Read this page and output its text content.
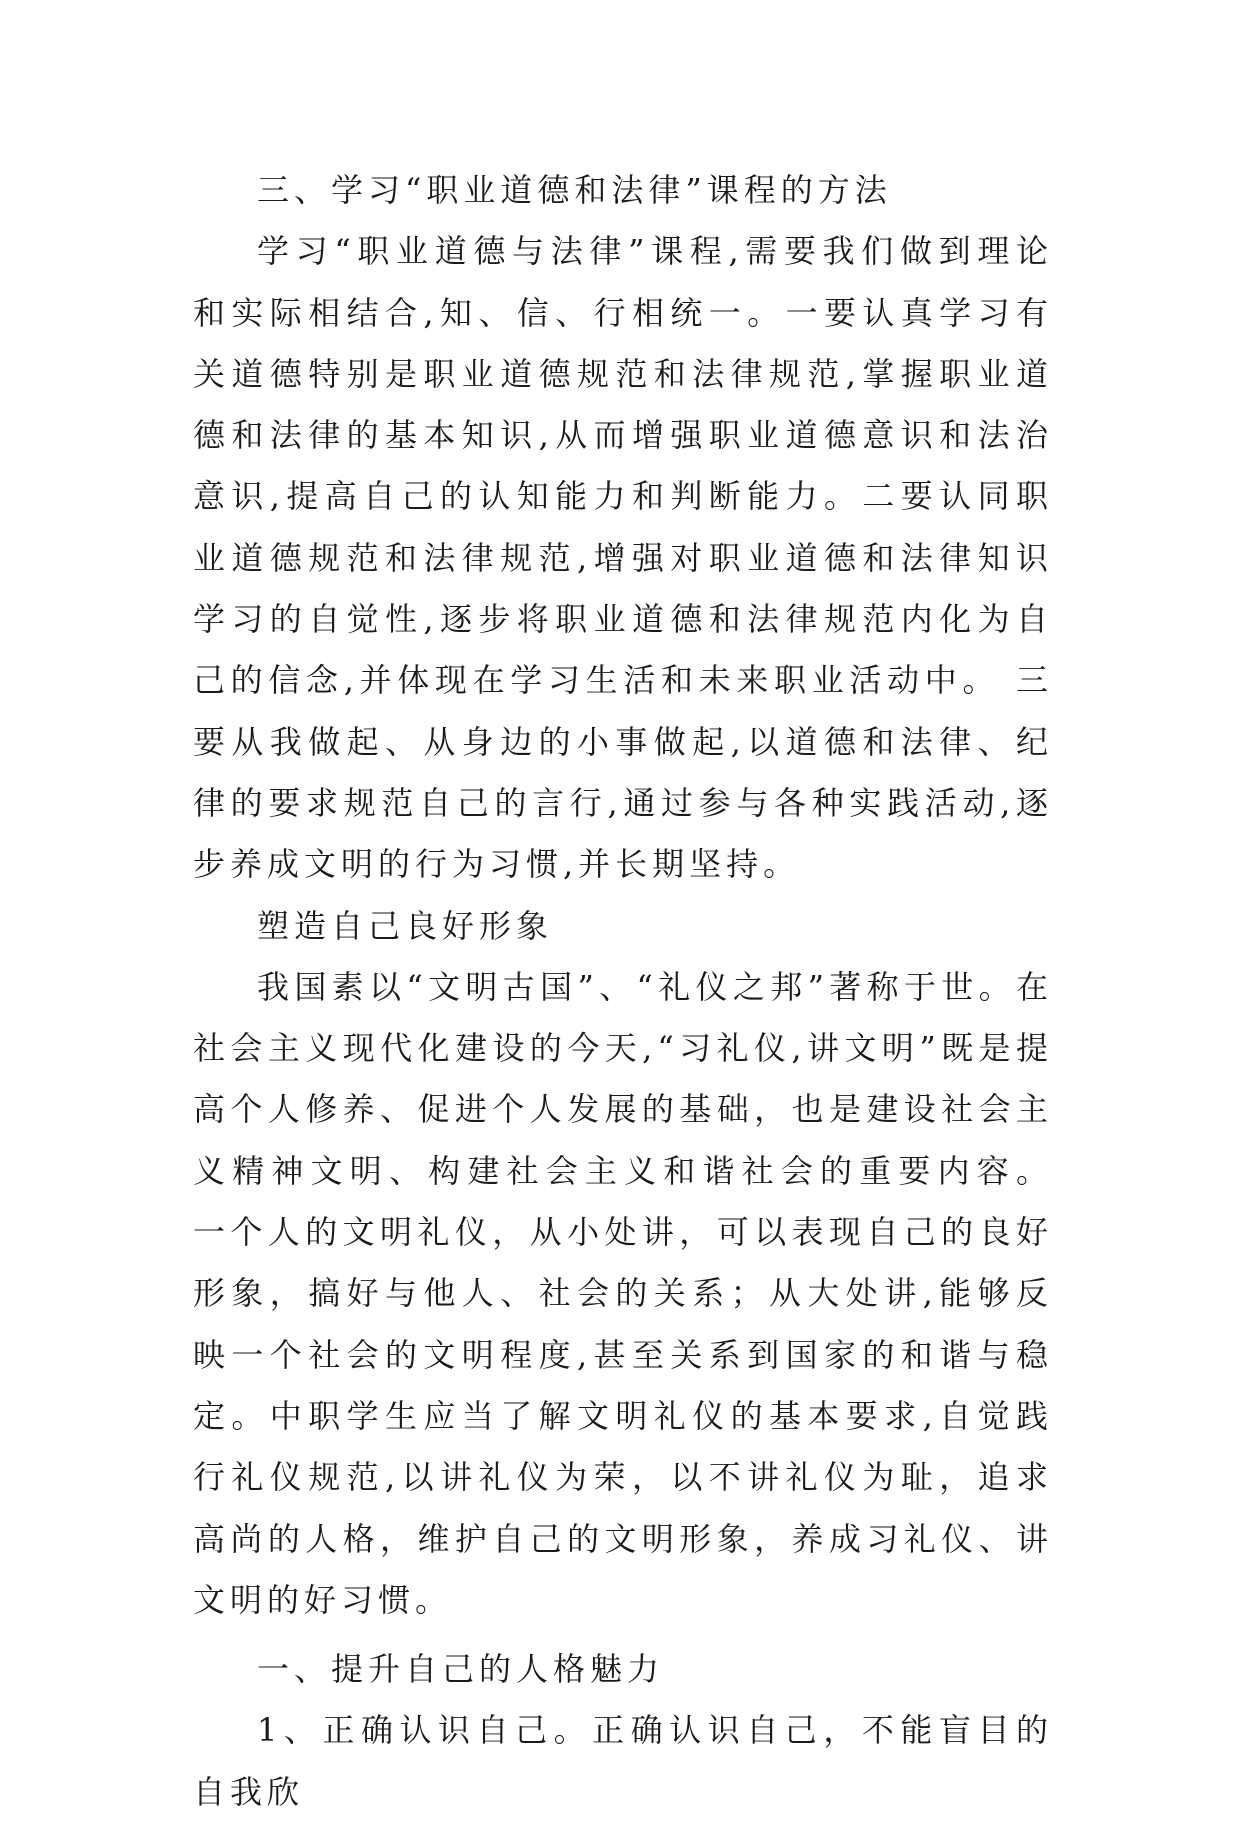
三、学习“职业道德和法律”课程的方法

学习“职业道德与法律”课程,需要我们做到理论和实际相结合,知、信、行相统一。一要认真学习有关道德特别是职业道德规范和法律规范,掌握职业道德和法律的基本知识,从而增强职业道德意识和法治意识,提高自己的认知能力和判断能力。二要认同职业道德规范和法律规范,增强对职业道德和法律知识学习的自觉性,逐步将职业道德和法律规范内化为自己的信念,并体现在学习生活和未来职业活动中。 三要从我做起、从身边的小事做起,以道德和法律、纪律的要求规范自己的言行,通过参与各种实践活动,逐步养成文明的行为习惯,并长期坚持。

塑造自己良好形象

我国素以“文明古国”、“礼仪之邦”著称于世。在社会主义现代化建设的今天,“习礼仪,讲文明”既是提高个人修养、促进个人发展的基础，也是建设社会主义精神文明、构建社会主义和谐社会的重要内容。 一个人的文明礼仪，从小处讲，可以表现自己的良好形象，搞好与他人、社会的关系；从大处讲,能够反映一个社会的文明程度,甚至关系到国家的和谐与稳定。中职学生应当了解文明礼仪的基本要求,自觉践行礼仪规范,以讲礼仪为荣，以不讲礼仪为耻，追求高尚的人格，维护自己的文明形象，养成习礼仪、讲文明的好习惯。

一、提升自己的人格魅力

1、正确认识自己。正确认识自己，不能盲目的自我欣
